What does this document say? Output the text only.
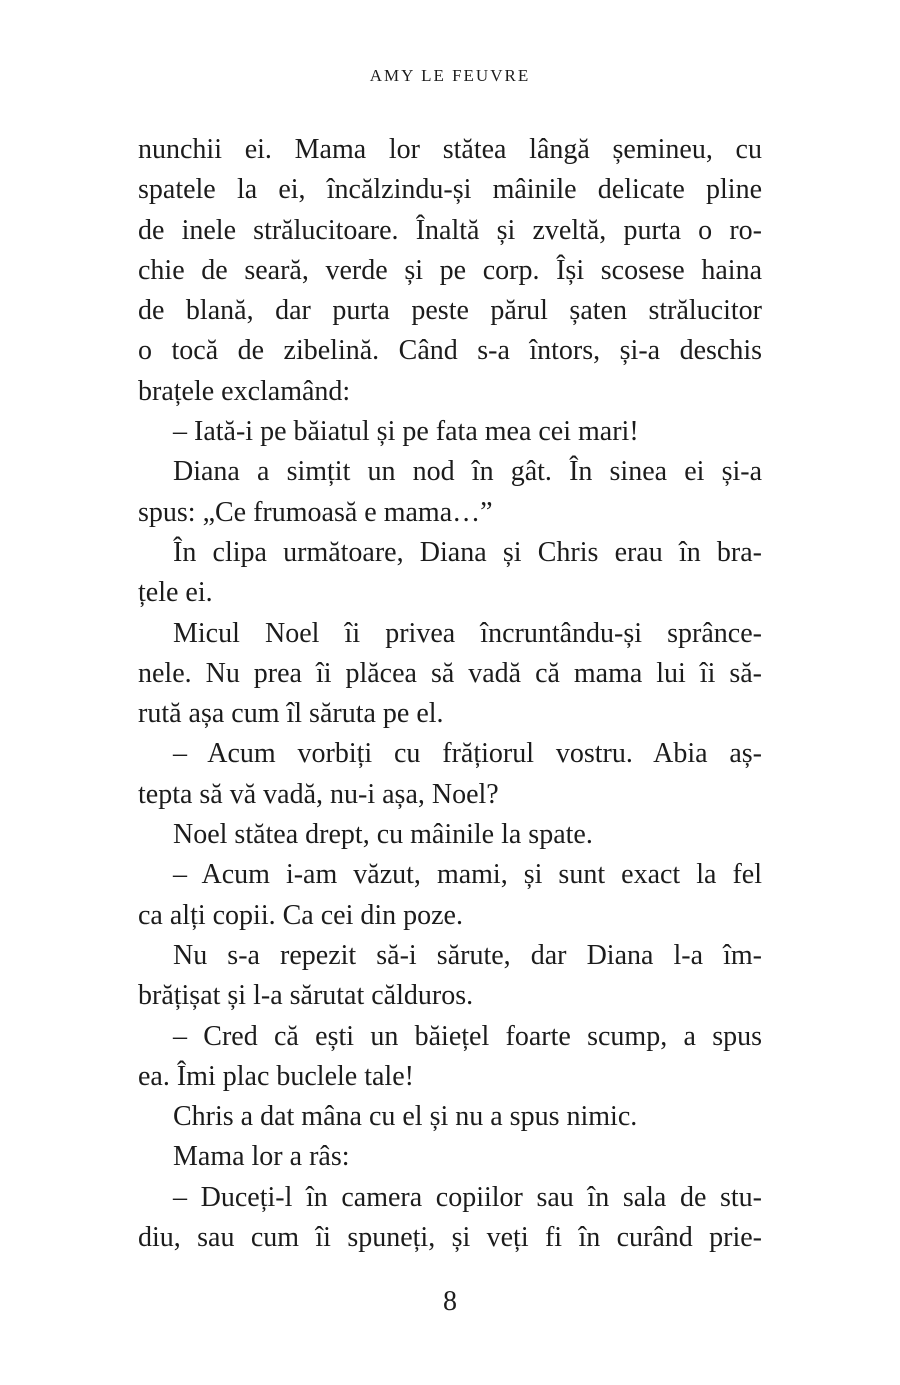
AMY LE FEUVRE
nunchii ei. Mama lor stătea lângă șemineu, cu
spatele la ei, încălzindu-și mâinile delicate pline
de inele strălucitoare. Înaltă și zveltă, purta o ro-
chie de seară, verde și pe corp. Își scosese haina
de blană, dar purta peste părul șaten strălucitor
o tocă de zibelină. Când s-a întors, și-a deschis
brațele exclamând:
– Iată-i pe băiatul și pe fata mea cei mari!
Diana a simțit un nod în gât. În sinea ei și-a
spus: „Ce frumoasă e mama…”
În clipa următoare, Diana și Chris erau în bra-
țele ei.
Micul Noel îi privea încruntându-și sprânce-
nele. Nu prea îi plăcea să vadă că mama lui îi să-
rută așa cum îl săruta pe el.
– Acum vorbiți cu frățiorul vostru. Abia aș-
tepta să vă vadă, nu-i așa, Noel?
Noel stătea drept, cu mâinile la spate.
– Acum i-am văzut, mami, și sunt exact la fel
ca alți copii. Ca cei din poze.
Nu s-a repezit să-i sărute, dar Diana l-a îm-
brățișat și l-a sărutat călduros.
– Cred că ești un băiețel foarte scump, a spus
ea. Îmi plac buclele tale!
Chris a dat mâna cu el și nu a spus nimic.
Mama lor a râs:
– Duceți-l în camera copiilor sau în sala de stu-
diu, sau cum îi spuneți, și veți fi în curând prie-
8
